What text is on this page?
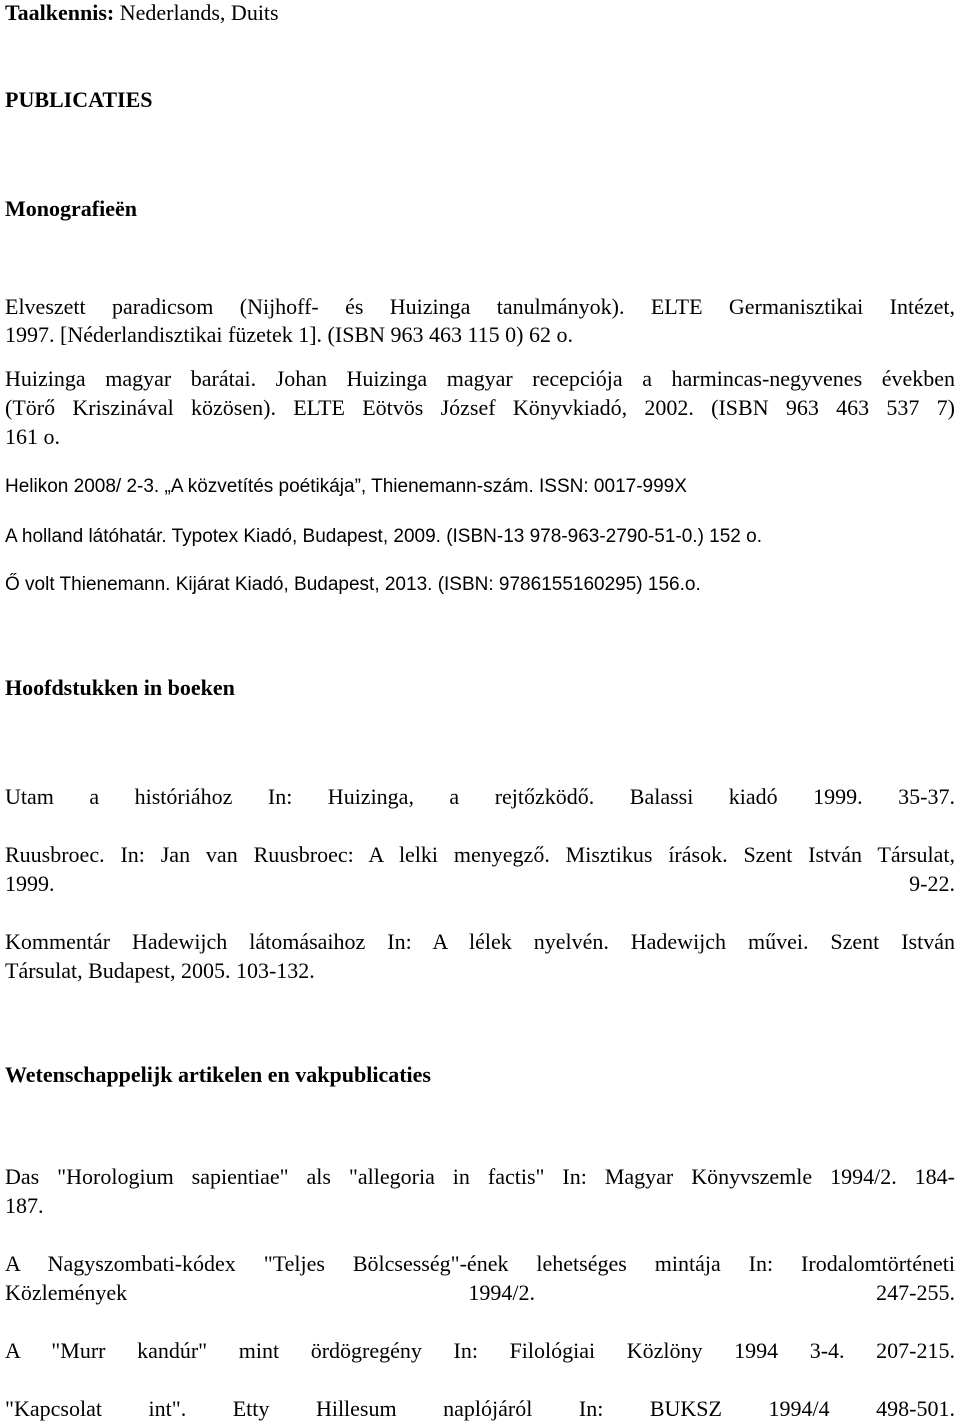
Taalkennis: Nederlands, Duits
PUBLICATIES
Monografieën
Elveszett paradicsom (Nijhoff- és Huizinga tanulmányok). ELTE Germanisztikai Intézet,
1997. [Néderlandisztikai füzetek 1]. (ISBN 963 463 115 0) 62 o.
Huizinga magyar barátai. Johan Huizinga magyar recepciója a harmincas-negyvenes években
(Törő Kriszinával közösen). ELTE Eötvös József Könyvkiadó, 2002. (ISBN 963 463 537 7)
161 o.
Helikon 2008/ 2-3. „A közvetítés poétikája”, Thienemann-szám. ISSN: 0017-999X
A holland látóhatár. Typotex Kiadó, Budapest, 2009. (ISBN-13 978-963-2790-51-0.) 152 o.
Ő volt Thienemann. Kijárat Kiadó, Budapest, 2013. (ISBN: 9786155160295) 156.o.
Hoofdstukken in boeken
Utam a históriához In: Huizinga, a rejtőzködő. Balassi kiadó 1999. 35-37.
Ruusbroec. In: Jan van Ruusbroec: A lelki menyegző. Misztikus írások. Szent István Társulat,
1999. 9-22.
Kommentár Hadewijch látomásaihoz In: A lélek nyelvén. Hadewijch művei. Szent István
Társulat, Budapest, 2005. 103-132.
Wetenschappelijk artikelen en vakpublicaties
Das "Horologium sapientiae" als "allegoria in factis" In: Magyar Könyvszemle 1994/2. 184-
187.
A Nagyszombati-kódex "Teljes Bölcsesség"-ének lehetséges mintája In: Irodalomtörténeti
Közlemények 1994/2. 247-255.
A "Murr kandúr" mint ördögregény In: Filológiai Közlöny 1994 3-4. 207-215.
"Kapcsolat int". Etty Hillesum naplójáról In: BUKSZ 1994/4 498-501.
